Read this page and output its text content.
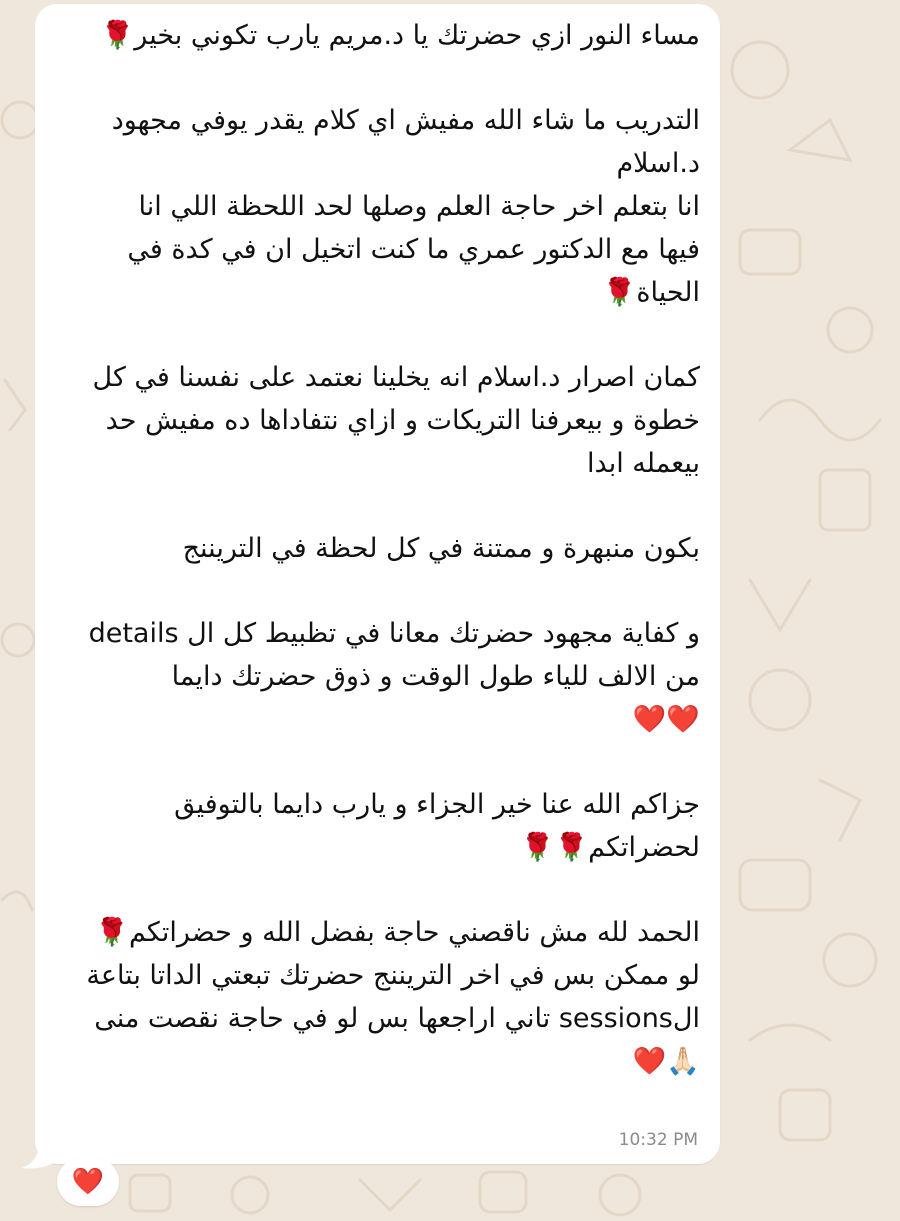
مساء النور ازي حضرتك يا د.مريم يارب تكوني بخير🌹
التدريب ما شاء الله مفيش اي كلام يقدر يوفي مجهود
د.اسلام
انا بتعلم اخر حاجة العلم وصلها لحد اللحظة اللي انا
فيها مع الدكتور عمري ما كنت اتخيل ان في كدة في
الحياة🌹
كمان اصرار د.اسلام انه يخلينا نعتمد على نفسنا في كل
خطوة و بيعرفنا التريكات و ازاي نتفاداها ده مفيش حد
بيعمله ابدا
بكون منبهرة و ممتنة في كل لحظة في التريننج
و كفاية مجهود حضرتك معانا في تظبيط كل ال details
من الالف للياء طول الوقت و ذوق حضرتك دايما
❤️❤️
جزاكم الله عنا خير الجزاء و يارب دايما بالتوفيق
لحضراتكم🌹🌹
الحمد لله مش ناقصني حاجة بفضل الله و حضراتكم🌹
لو ممكن بس في اخر التريننج حضرتك تبعتي الداتا بتاعة
الsessions تاني اراجعها بس لو في حاجة نقصت منى
🙏🏻❤️
10:32 PM
❤️
